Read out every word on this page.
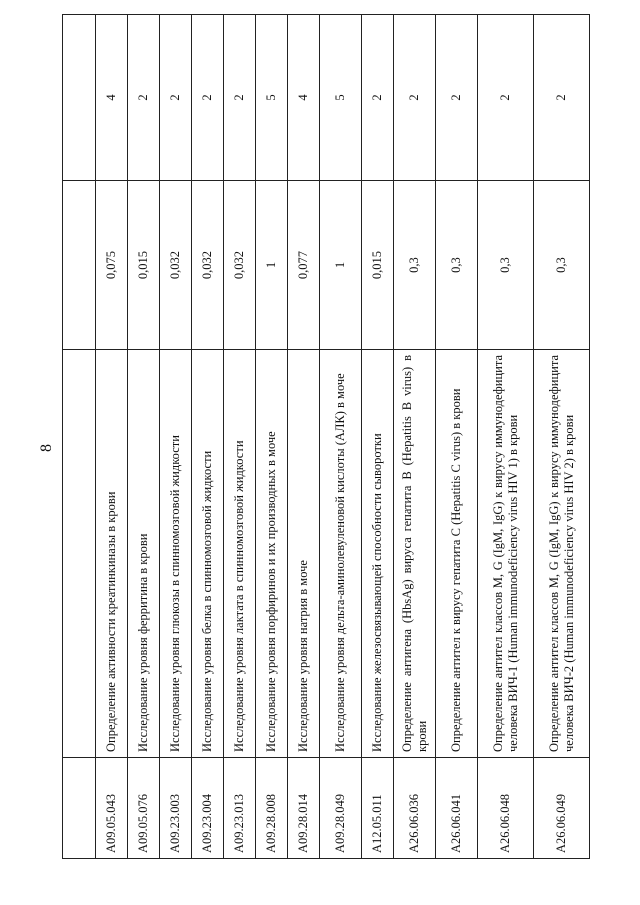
8

A09.05.043	Определение активности креатинкиназы в крови	0,075	4
A09.05.076	Исследование уровня ферритина в крови	0,015	2
A09.23.003	Исследование уровня глюкозы в спинномозговой жидкости	0,032	2
A09.23.004	Исследование уровня белка в спинномозговой жидкости	0,032	2
A09.23.013	Исследование уровня лактата в спинномозговой жидкости	0,032	2
A09.28.008	Исследование уровня порфиринов и их производных в моче	1	5
A09.28.014	Исследование уровня натрия в моче	0,077	4
A09.28.049	Исследование уровня дельта-аминолевуленовой кислоты (АЛК) в моче	1	5
A12.05.011	Исследование железосвязывающей способности сыворотки	0,015	2
A26.06.036	Определение антигена (HbsAg) вируса гепатита B (Hepatitis B virus) в крови	0,3	2
A26.06.041	Определение антител к вирусу гепатита C (Hepatitis C virus) в крови	0,3	2
A26.06.048	Определение антител классов M, G (IgM, IgG) к вирусу иммунодефицита человека ВИЧ-1 (Human immunodeficiency virus HIV 1) в крови	0,3	2
A26.06.049	Определение антител классов M, G (IgM, IgG) к вирусу иммунодефицита человека ВИЧ-2 (Human immunodeficiency virus HIV 2) в крови	0,3	2
